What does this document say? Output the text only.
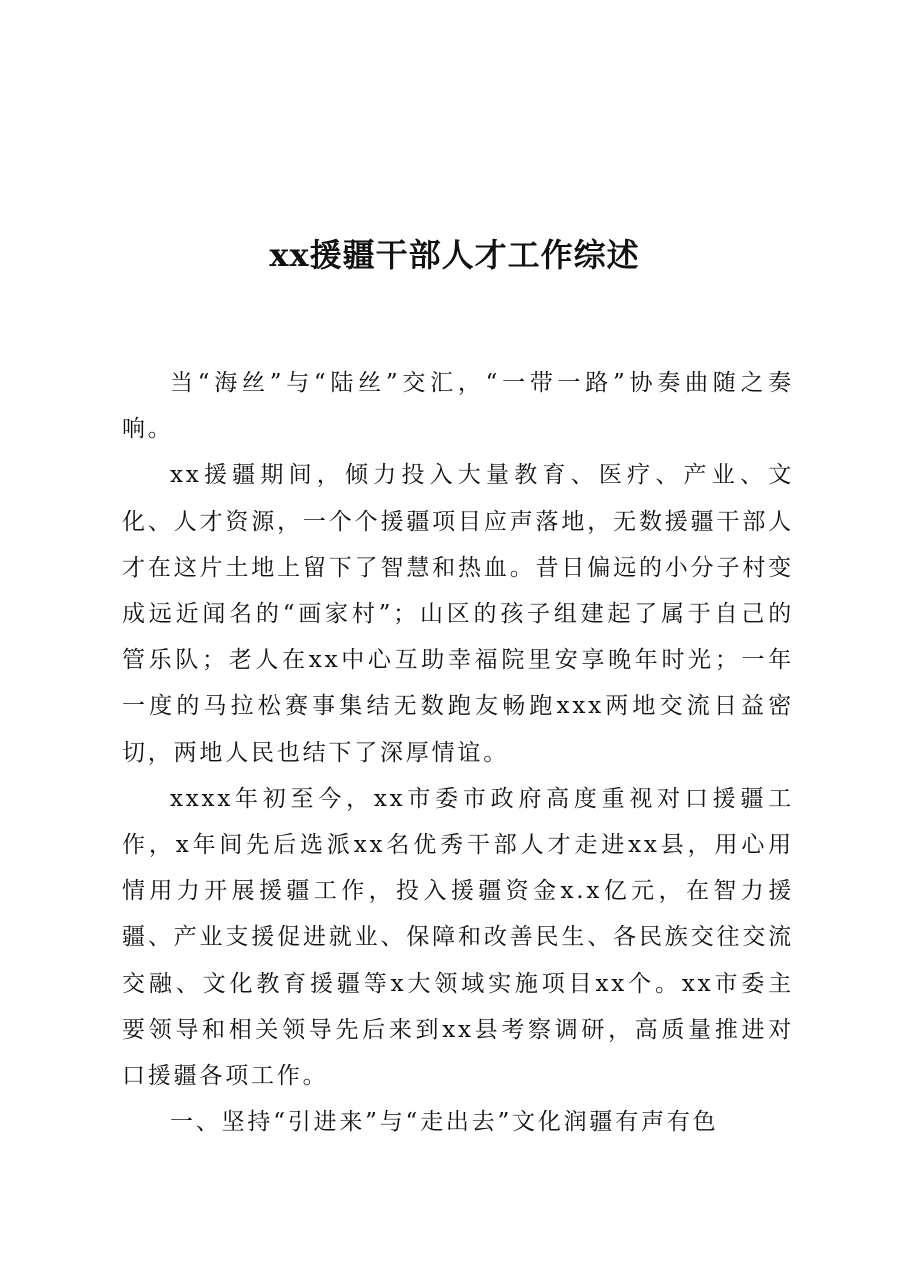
xx援疆干部人才工作综述

当“海丝”与“陆丝”交汇，“一带一路”协奏曲随之奏响。

xx援疆期间，倾力投入大量教育、医疗、产业、文化、人才资源，一个个援疆项目应声落地，无数援疆干部人才在这片土地上留下了智慧和热血。昔日偏远的小分子村变成远近闻名的“画家村”；山区的孩子组建起了属于自己的管乐队；老人在xx中心互助幸福院里安享晚年时光；一年一度的马拉松赛事集结无数跑友畅跑xxx两地交流日益密切，两地人民也结下了深厚情谊。

xxxx年初至今，xx市委市政府高度重视对口援疆工作，x年间先后选派xx名优秀干部人才走进xx县，用心用情用力开展援疆工作，投入援疆资金x.x亿元，在智力援疆、产业支援促进就业、保障和改善民生、各民族交往交流交融、文化教育援疆等x大领域实施项目xx个。xx市委主要领导和相关领导先后来到xx县考察调研，高质量推进对口援疆各项工作。

一、坚持“引进来”与“走出去”文化润疆有声有色
